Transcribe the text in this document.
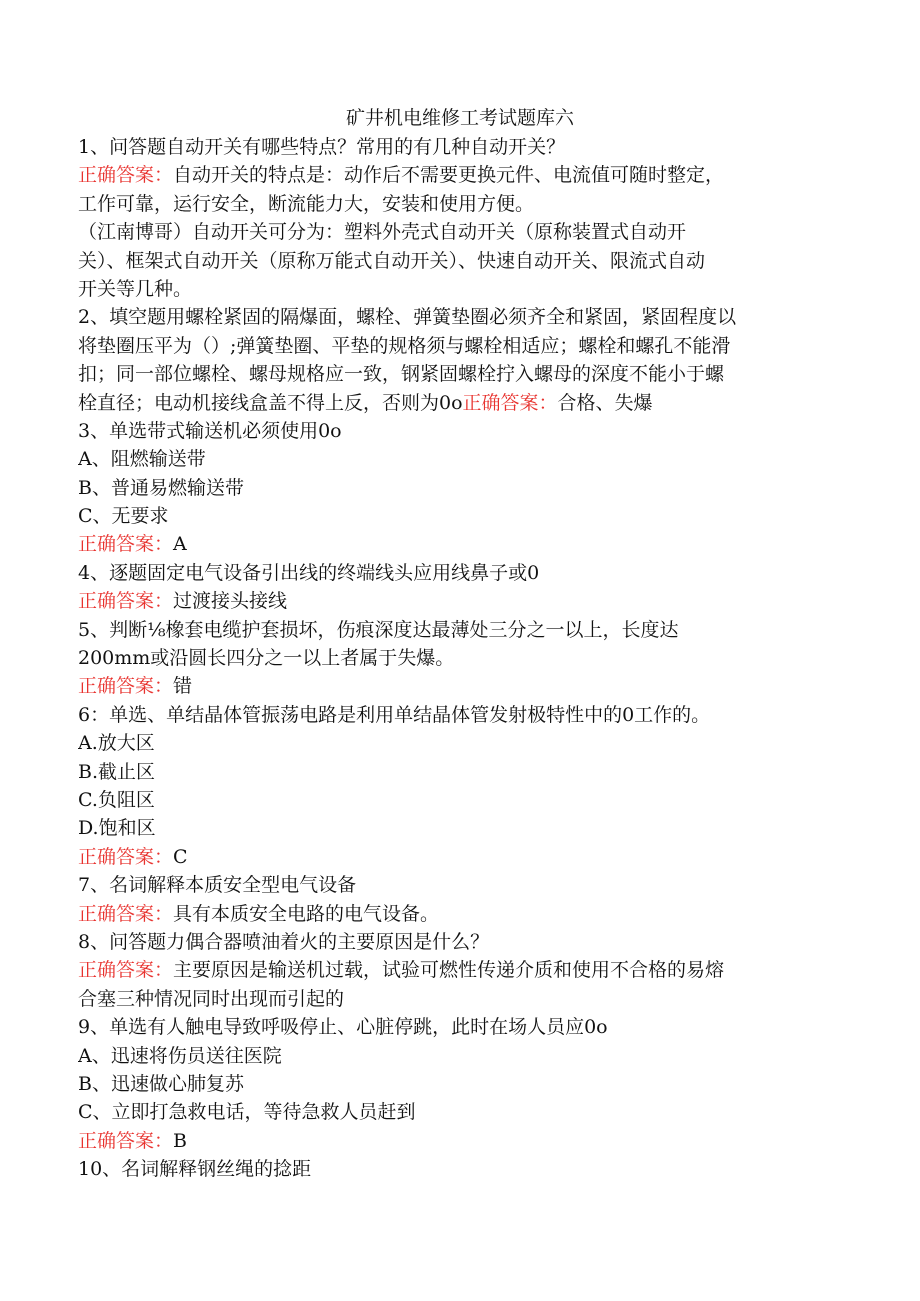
矿井机电维修工考试题库六
1、问答题自动开关有哪些特点？常用的有几种自动开关？
正确答案：自动开关的特点是：动作后不需要更换元件、电流值可随时整定，
工作可靠，运行安全，断流能力大，安装和使用方便。
（江南博哥）自动开关可分为：塑料外壳式自动开关（原称装置式自动开
关）、框架式自动开关（原称万能式自动开关）、快速自动开关、限流式自动
开关等几种。
2、填空题用螺栓紧固的隔爆面，螺栓、弹簧垫圈必须齐全和紧固，紧固程度以
将垫圈压平为（）;弹簧垫圈、平垫的规格须与螺栓相适应；螺栓和螺孔不能滑
扣；同一部位螺栓、螺母规格应一致，钢紧固螺栓拧入螺母的深度不能小于螺
栓直径；电动机接线盒盖不得上反，否则为0o正确答案：合格、失爆
3、单选带式输送机必须使用0o
A、阻燃输送带
B、普通易燃输送带
C、无要求
正确答案：A
4、逐题固定电气设备引出线的终端线头应用线鼻子或0
正确答案：过渡接头接线
5、判断⅛橡套电缆护套损坏，伤痕深度达最薄处三分之一以上，长度达
200mm或沿圆长四分之一以上者属于失爆。
正确答案：错
6：单选、单结晶体管振荡电路是利用单结晶体管发射极特性中的0工作的。
A.放大区
B.截止区
C.负阻区
D.饱和区
正确答案：C
7、名词解释本质安全型电气设备
正确答案：具有本质安全电路的电气设备。
8、问答题力偶合器喷油着火的主要原因是什么？
正确答案：主要原因是输送机过载，试验可燃性传递介质和使用不合格的易熔
合塞三种情况同时出现而引起的
9、单选有人触电导致呼吸停止、心脏停跳，此时在场人员应0o
A、迅速将伤员送往医院
B、迅速做心肺复苏
C、立即打急救电话，等待急救人员赶到
正确答案：B
10、名词解释钢丝绳的捻距
